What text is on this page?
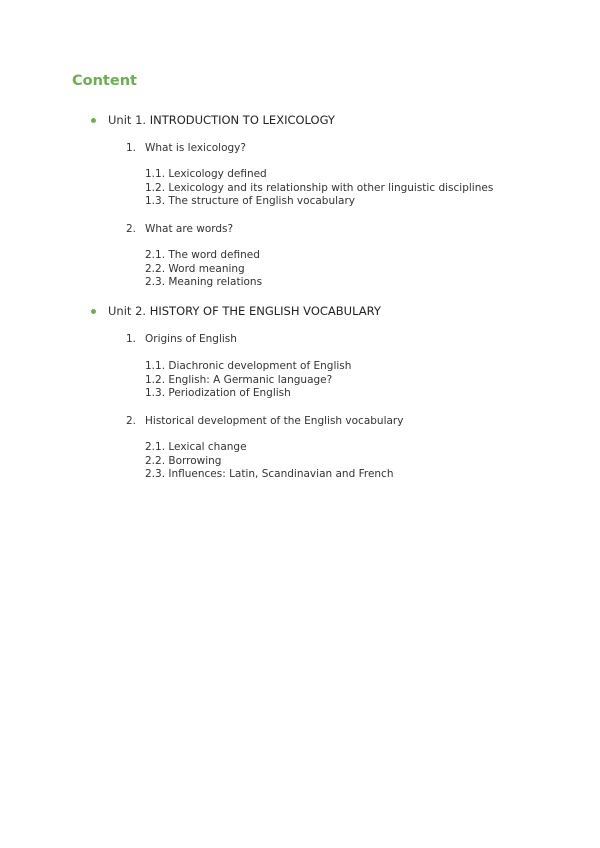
Content
Unit 1. INTRODUCTION TO LEXICOLOGY
1. What is lexicology?
1.1. Lexicology defined
1.2. Lexicology and its relationship with other linguistic disciplines
1.3. The structure of English vocabulary
2. What are words?
2.1. The word defined
2.2. Word meaning
2.3. Meaning relations
Unit 2. HISTORY OF THE ENGLISH VOCABULARY
1. Origins of English
1.1. Diachronic development of English
1.2. English: A Germanic language?
1.3. Periodization of English
2. Historical development of the English vocabulary
2.1. Lexical change
2.2. Borrowing
2.3. Influences: Latin, Scandinavian and French
